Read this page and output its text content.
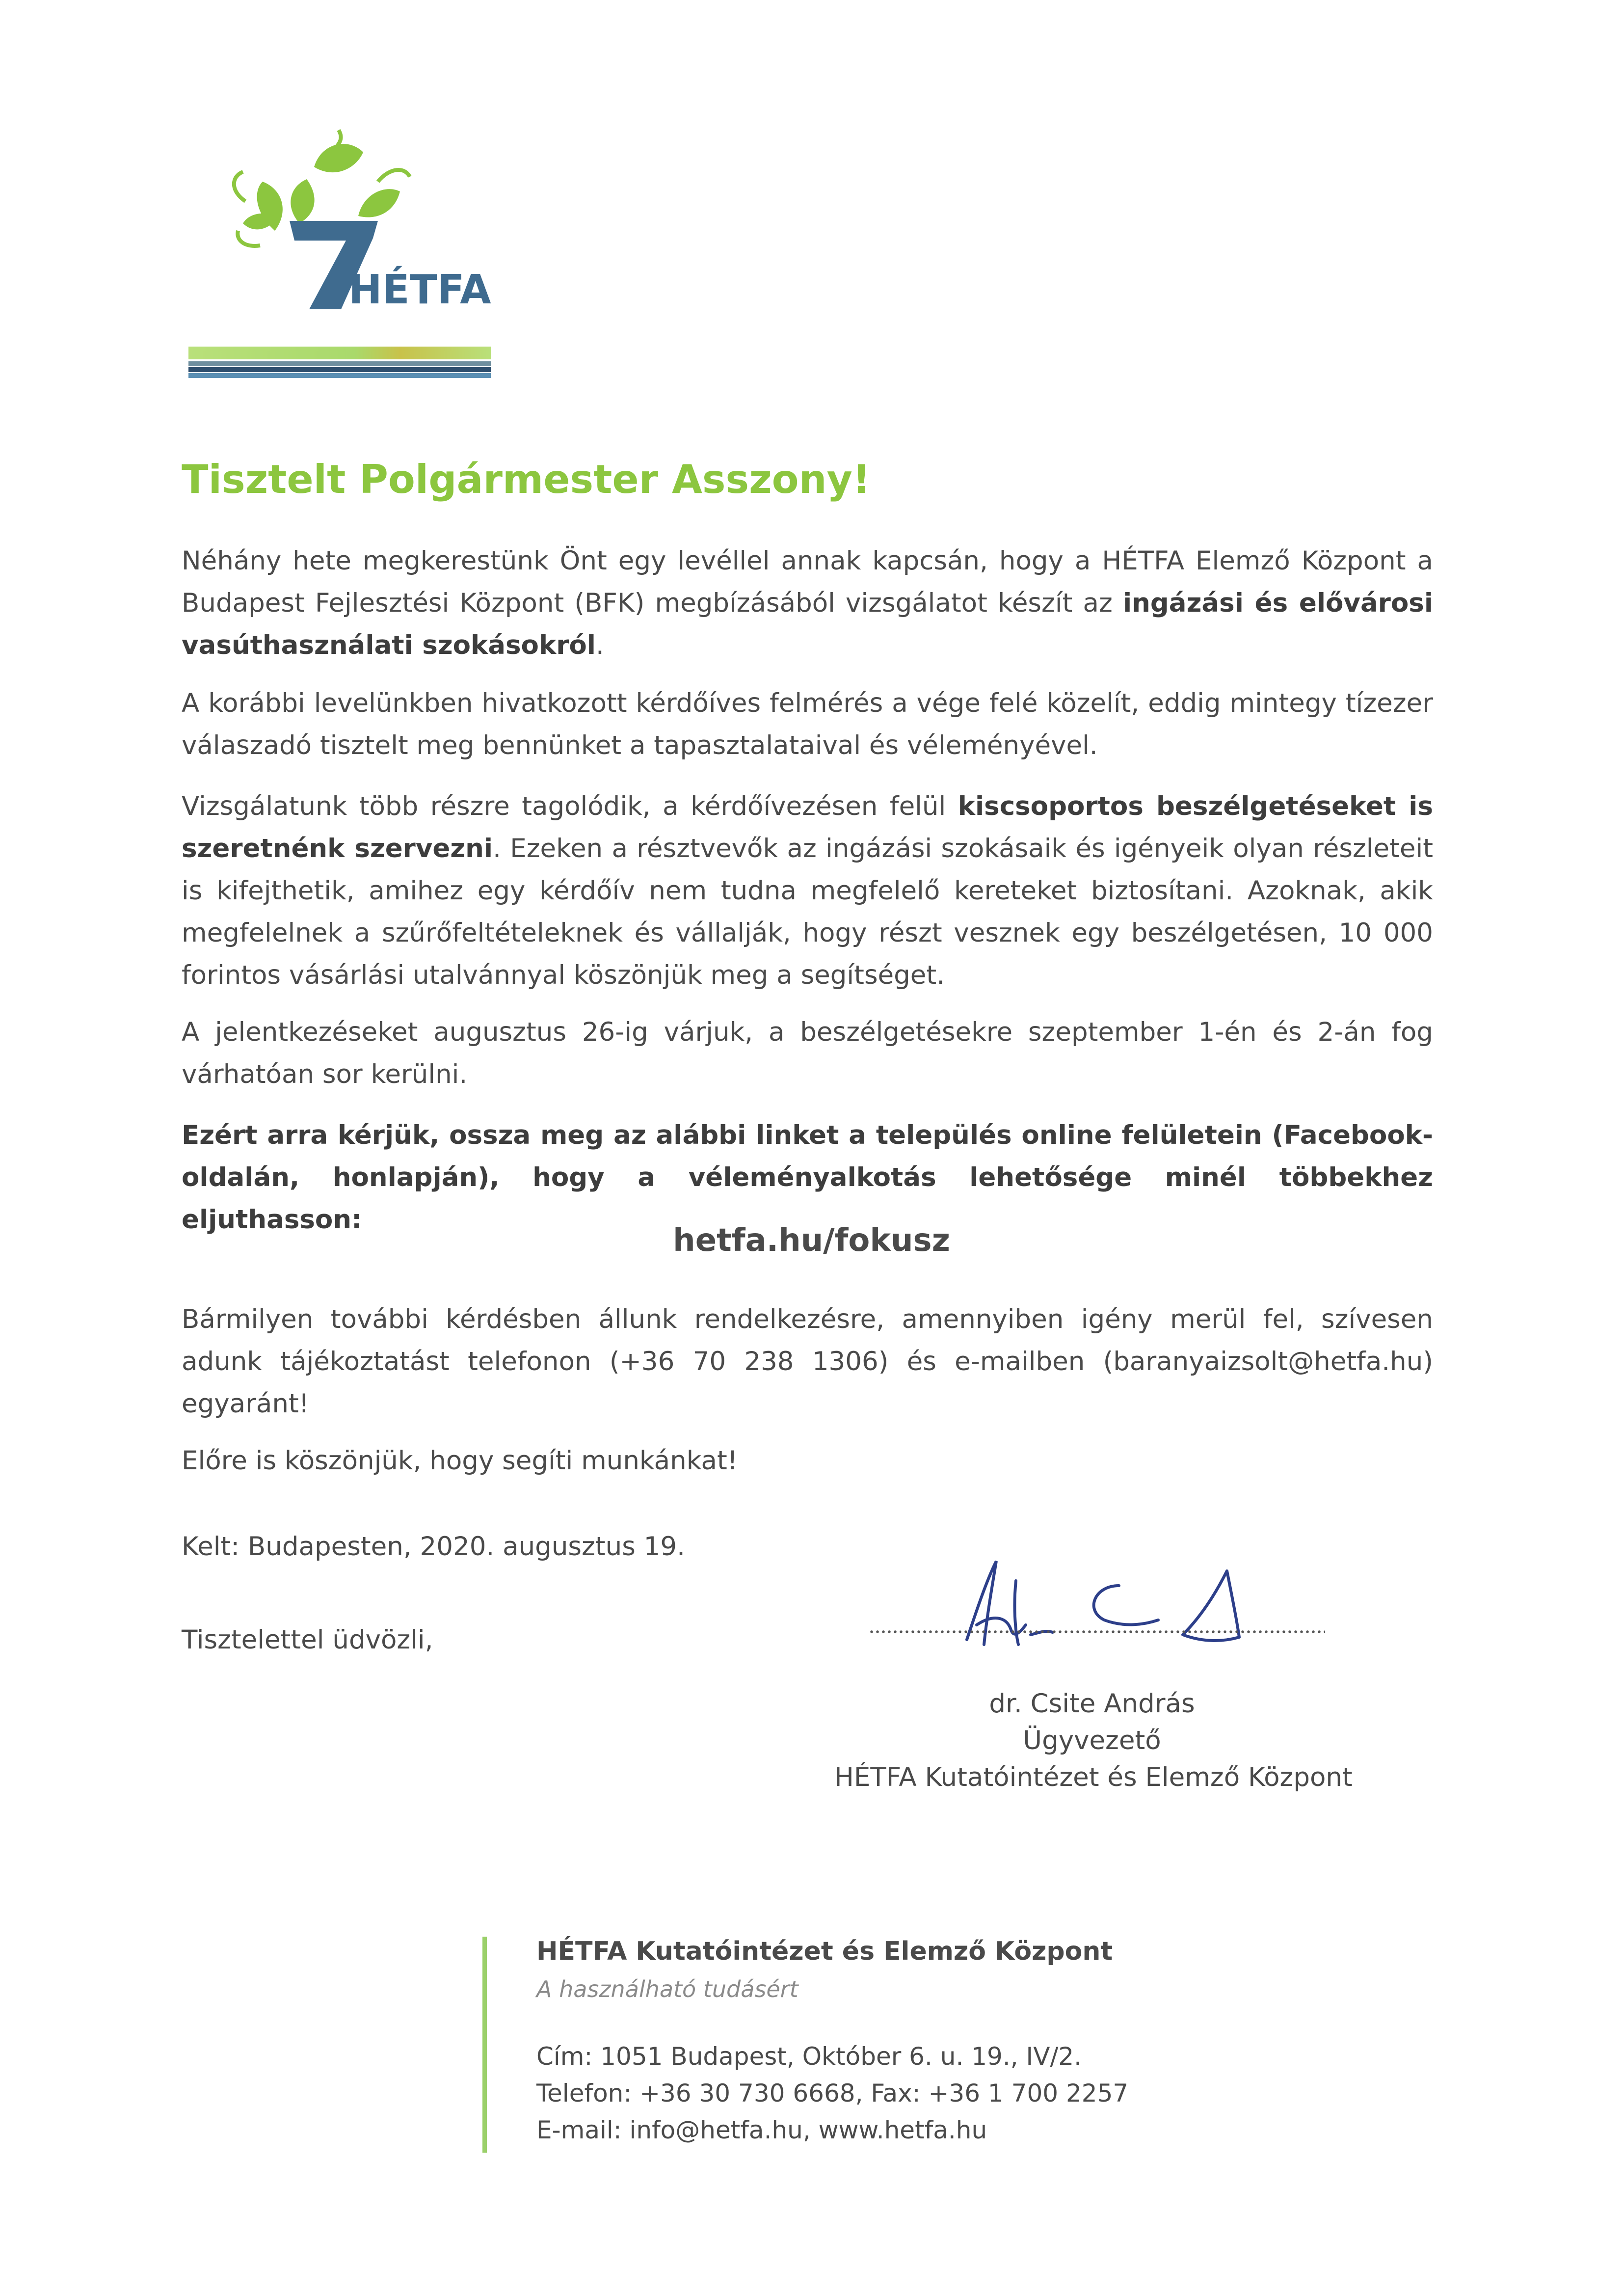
HÉTFA
Tisztelt Polgármester Asszony!
Néhány hete megkerestünk Önt egy levéllel annak kapcsán, hogy a HÉTFA Elemző Központ a Budapest Fejlesztési Központ (BFK) megbízásából vizsgálatot készít az ingázási és elővárosi vasúthasználati szokásokról.
A korábbi levelünkben hivatkozott kérdőíves felmérés a vége felé közelít, eddig mintegy tízezer válaszadó tisztelt meg bennünket a tapasztalataival és véleményével.
Vizsgálatunk több részre tagolódik, a kérdőívezésen felül kiscsoportos beszélgetéseket is szeretnénk szervezni. Ezeken a résztvevők az ingázási szokásaik és igényeik olyan részleteit is kifejthetik, amihez egy kérdőív nem tudna megfelelő kereteket biztosítani. Azoknak, akik megfelelnek a szűrőfeltételeknek és vállalják, hogy részt vesznek egy beszélgetésen, 10 000 forintos vásárlási utalvánnyal köszönjük meg a segítséget.
A jelentkezéseket augusztus 26-ig várjuk, a beszélgetésekre szeptember 1-én és 2-án fog várhatóan sor kerülni.
Ezért arra kérjük, ossza meg az alábbi linket a település online felületein (Facebook-oldalán, honlapján), hogy a véleményalkotás lehetősége minél többekhez eljuthasson:
hetfa.hu/fokusz
Bármilyen további kérdésben állunk rendelkezésre, amennyiben igény merül fel, szívesen adunk tájékoztatást telefonon (+36 70 238 1306) és e-mailben (baranyaizsolt@hetfa.hu) egyaránt!
Előre is köszönjük, hogy segíti munkánkat!
Kelt: Budapesten, 2020. augusztus 19.
Tisztelettel üdvözli,
dr. Csite András
Ügyvezető
HÉTFA Kutatóintézet és Elemző Központ
HÉTFA Kutatóintézet és Elemző Központ
A használható tudásért
Cím: 1051 Budapest, Október 6. u. 19., IV/2.
Telefon: +36 30 730 6668, Fax: +36 1 700 2257
E-mail: info@hetfa.hu, www.hetfa.hu
